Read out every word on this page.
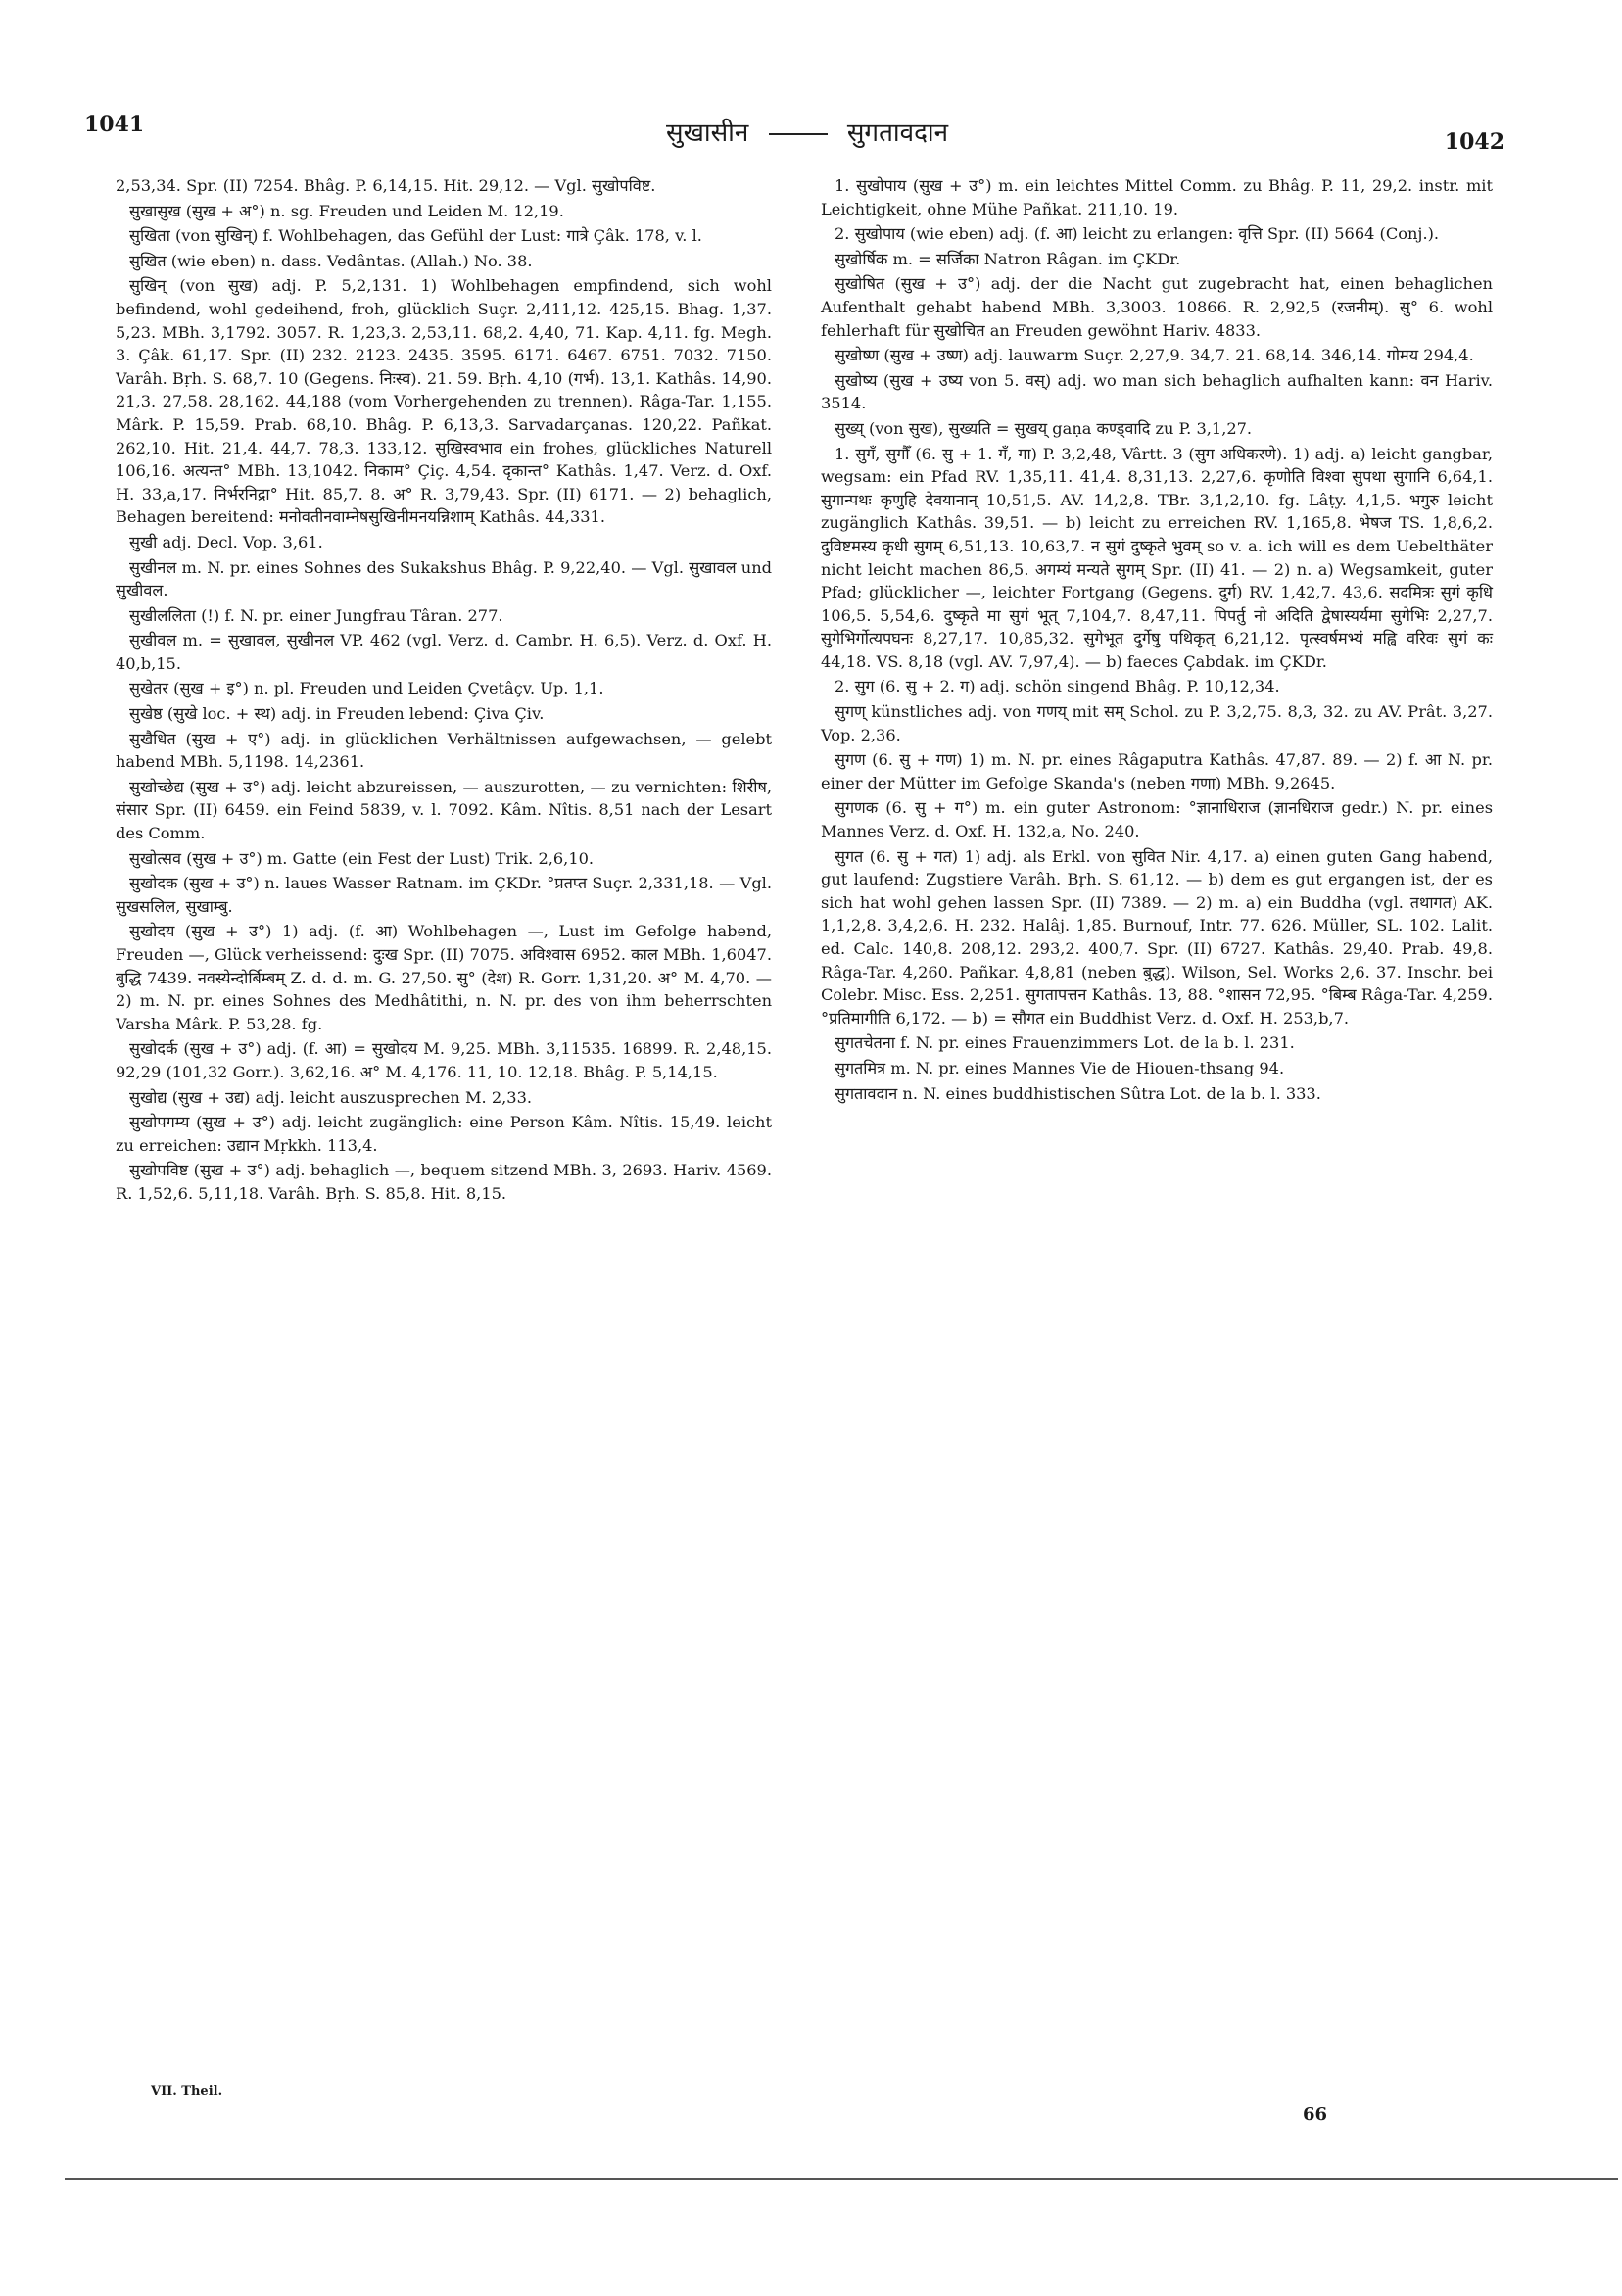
1041	सुखासीन	सुगतावदान	1042

2,53,34. Spr. (II) 7254. Bhâg. P. 6,14,15. Hit. 29,12. — Vgl. सुखोपविष्ट.

सुखासुख (सुख + अ°) n. sg. Freuden und Leiden M. 12,19.

सुखिता (von सुखिन्) f. Wohlbehagen, das Gefühl der Lust: गात्रे Çâk. 178, v. l.

सुखित (wie eben) n. dass. Vedântas. (Allah.) No. 38.

सुखिन् (von सुख) adj. P. 5,2,131. 1) Wohlbehagen empfindend, sich wohl befindend, wohl gedeihend, froh, glücklich Suçr. 2,411,12. 425,15. Bhag. 1,37. 5,23. MBh. 3,1792. 3057. R. 1,23,3. 2,53,11. 68,2. 4,40, 71. Kap. 4,11. fg. Megh. 3. Çâk. 61,17. Spr. (II) 232. 2123. 2435. 3595. 6171. 6467. 6751. 7032. 7150. Varâh. Bṛh. S. 68,7. 10 (Gegens. निःस्व). 21. 59. Bṛh. 4,10 (गर्भ). 13,1. Kathâs. 14,90. 21,3. 27,58. 28,162. 44,188 (vom Vorhergehenden zu trennen). Râga-Tar. 1,155. Mârk. P. 15,59. Prab. 68,10. Bhâg. P. 6,13,3. Sarvadarçanas. 120,22. Pañkat. 262,10. Hit. 21,4. 44,7. 78,3. 133,12. सुखिस्वभाव ein frohes, glückliches Naturell 106,16. अत्यन्त° MBh. 13,1042. निकाम° Çiç. 4,54. दृकान्त° Kathâs. 1,47. Verz. d. Oxf. H. 33,a,17. निर्भरनिद्रा° Hit. 85,7. 8. अ° R. 3,79,43. Spr. (II) 6171. — 2) behaglich, Behagen bereitend: मनोवतीनवाम्नेषसुखिनीमनयन्निशाम् Kathâs. 44,331.

सुखी adj. Decl. Vop. 3,61.

सुखीनल m. N. pr. eines Sohnes des Sukakshus Bhâg. P. 9,22,40. — Vgl. सुखावल und सुखीवल.

सुखीललिता (!) f. N. pr. einer Jungfrau Târan. 277.

सुखीवल m. = सुखावल, सुखीनल VP. 462 (vgl. Verz. d. Cambr. H. 6,5). Verz. d. Oxf. H. 40,b,15.

सुखेतर (सुख + इ°) n. pl. Freuden und Leiden Çvetâçv. Up. 1,1.

सुखेष्ठ (सुखे loc. + स्थ) adj. in Freuden lebend: Çiva Çiv.

सुखैधित (सुख + ए°) adj. in glücklichen Verhältnissen aufgewachsen, — gelebt habend MBh. 5,1198. 14,2361.

सुखोच्छेद्य (सुख + उ°) adj. leicht abzureissen, — auszurotten, — zu vernichten: शिरीष, संसार Spr. (II) 6459. ein Feind 5839, v. l. 7092. Kâm. Nîtis. 8,51 nach der Lesart des Comm.

सुखोत्सव (सुख + उ°) m. Gatte (ein Fest der Lust) Trik. 2,6,10.

सुखोदक (सुख + उ°) n. laues Wasser Ratnam. im ÇKDr. °प्रतप्त Suçr. 2,331,18. — Vgl. सुखसलिल, सुखाम्बु.

सुखोदय (सुख + उ°) 1) adj. (f. आ) Wohlbehagen —, Lust im Gefolge habend, Freuden —, Glück verheissend: दुःख Spr. (II) 7075. अविश्वास 6952. काल MBh. 1,6047. बुद्धि 7439. नवस्येन्दोर्बिम्बम् Z. d. d. m. G. 27,50. सु° (देश) R. Gorr. 1,31,20. अ° M. 4,70. — 2) m. N. pr. eines Sohnes des Medhâtithi, n. N. pr. des von ihm beherrschten Varsha Mârk. P. 53,28. fg.

सुखोदर्क (सुख + उ°) adj. (f. आ) = सुखोदय M. 9,25. MBh. 3,11535. 16899. R. 2,48,15. 92,29 (101,32 Gorr.). 3,62,16. अ° M. 4,176. 11, 10. 12,18. Bhâg. P. 5,14,15.

सुखोद्य (सुख + उद्य) adj. leicht auszusprechen M. 2,33.

सुखोपगम्य (सुख + उ°) adj. leicht zugänglich: eine Person Kâm. Nîtis. 15,49. leicht zu erreichen: उद्यान Mṛkkh. 113,4.

सुखोपविष्ट (सुख + उ°) adj. behaglich —, bequem sitzend MBh. 3, 2693. Hariv. 4569. R. 1,52,6. 5,11,18. Varâh. Bṛh. S. 85,8. Hit. 8,15.

1. सुखोपाय (सुख + उ°) m. ein leichtes Mittel Comm. zu Bhâg. P. 11, 29,2. instr. mit Leichtigkeit, ohne Mühe Pañkat. 211,10. 19.

2. सुखोपाय (wie eben) adj. (f. आ) leicht zu erlangen: वृत्ति Spr. (II) 5664 (Conj.).

सुखोर्षिक m. = सर्जिका Natron Râgan. im ÇKDr.

सुखोषित (सुख + उ°) adj. der die Nacht gut zugebracht hat, einen behaglichen Aufenthalt gehabt habend MBh. 3,3003. 10866. R. 2,92,5 (रजनीम्). सु° 6. wohl fehlerhaft für सुखोचित an Freuden gewöhnt Hariv. 4833.

सुखोष्ण (सुख + उष्ण) adj. lauwarm Suçr. 2,27,9. 34,7. 21. 68,14. 346,14. गोमय 294,4.

सुखोष्य (सुख + उष्य von 5. वस्) adj. wo man sich behaglich aufhalten kann: वन Hariv. 3514.

सुख्य् (von सुख), सुख्यति = सुखय् gaṇa कण्ड्वादि zu P. 3,1,27.

1. सुगँ, सुगौँ (6. सु + 1. गँ, गा) P. 3,2,48, Vârtt. 3 (सुग अधिकरणे). 1) adj. a) leicht gangbar, wegsam: ein Pfad RV. 1,35,11. 41,4. 8,31,13. 2,27,6. कृणोति विश्वा सुपथा सुगानि 6,64,1. सुगान्पथः कृणुहि देवयानान् 10,51,5. AV. 14,2,8. TBr. 3,1,2,10. fg. Lâṭy. 4,1,5. भगुरु leicht zugänglich Kathâs. 39,51. — b) leicht zu erreichen RV. 1,165,8. भेषज TS. 1,8,6,2. दुविष्टमस्य कृधी सुगम् 6,51,13. 10,63,7. न सुगं दुष्कृते भुवम् so v. a. ich will es dem Uebelthäter nicht leicht machen 86,5. अगम्यं मन्यते सुगम् Spr. (II) 41. — 2) n. a) Wegsamkeit, guter Pfad; glücklicher —, leichter Fortgang (Gegens. दुर्ग) RV. 1,42,7. 43,6. सदमित्रः सुगं कृधि 106,5. 5,54,6. दुष्कृते मा सुगं भूत् 7,104,7. 8,47,11. पिपर्तु नो अदिति द्वेषास्यर्यमा सुगेभिः 2,27,7. सुगेभिर्गोत्यपघनः 8,27,17. 10,85,32. सुगेभूत दुर्गेषु पथिकृत् 6,21,12. पृत्स्वर्षमभ्यं मह्वि वरिवः सुगं कः 44,18. VS. 8,18 (vgl. AV. 7,97,4). — b) faeces Çabdak. im ÇKDr.

2. सुग (6. सु + 2. ग) adj. schön singend Bhâg. P. 10,12,34.

सुगण् künstliches adj. von गणय् mit सम् Schol. zu P. 3,2,75. 8,3, 32. zu AV. Prât. 3,27. Vop. 2,36.

सुगण (6. सु + गण) 1) m. N. pr. eines Râgaputra Kathâs. 47,87. 89. — 2) f. आ N. pr. einer der Mütter im Gefolge Skanda's (neben गणा) MBh. 9,2645.

सुगणक (6. सु + ग°) m. ein guter Astronom: °ज्ञानाधिराज (ज्ञानधिराज gedr.) N. pr. eines Mannes Verz. d. Oxf. H. 132,a, No. 240.

सुगत (6. सु + गत) 1) adj. als Erkl. von सुवित Nir. 4,17. a) einen guten Gang habend, gut laufend: Zugstiere Varâh. Bṛh. S. 61,12. — b) dem es gut ergangen ist, der es sich hat wohl gehen lassen Spr. (II) 7389. — 2) m. a) ein Buddha (vgl. तथागत) AK. 1,1,2,8. 3,4,2,6. H. 232. Halâj. 1,85. Burnouf, Intr. 77. 626. Müller, SL. 102. Lalit. ed. Calc. 140,8. 208,12. 293,2. 400,7. Spr. (II) 6727. Kathâs. 29,40. Prab. 49,8. Râga-Tar. 4,260. Pañkar. 4,8,81 (neben बुद्ध). Wilson, Sel. Works 2,6. 37. Inschr. bei Colebr. Misc. Ess. 2,251. सुगतापत्तन Kathâs. 13, 88. °शासन 72,95. °बिम्ब Râga-Tar. 4,259. °प्रतिमागीति 6,172. — b) = सौगत ein Buddhist Verz. d. Oxf. H. 253,b,7.

सुगतचेतना f. N. pr. eines Frauenzimmers Lot. de la b. l. 231.

सुगतमित्र m. N. pr. eines Mannes Vie de Hiouen-thsang 94.

सुगतावदान n. N. eines buddhistischen Sûtra Lot. de la b. l. 333.

VII. Theil.
66
